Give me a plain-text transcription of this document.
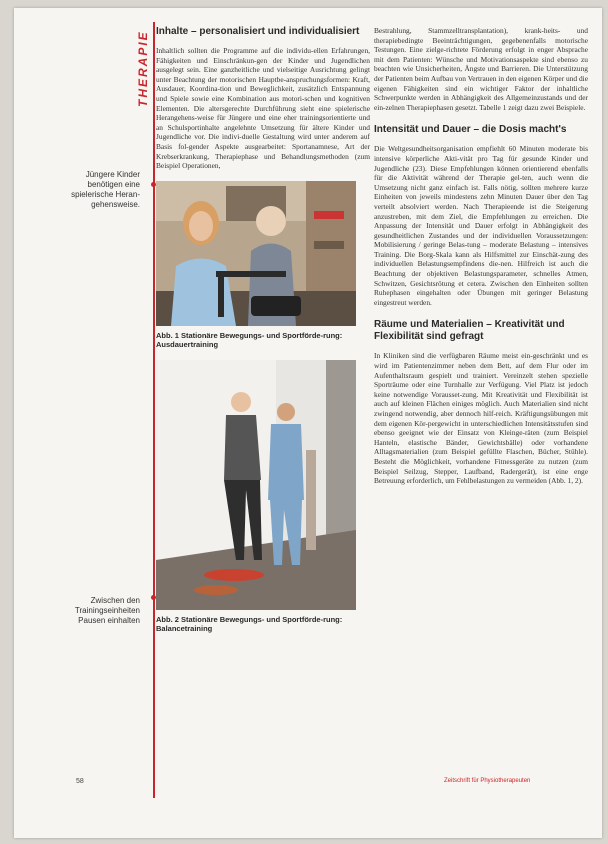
THERAPIE
Jüngere Kinder benötigen eine spielerische Heran-gehensweise.
Zwischen den Trainingseinheiten Pausen einhalten
Inhalte – personalisiert und individualisiert

Inhaltlich sollten die Programme auf die individu-ellen Erfahrungen, Fähigkeiten und Einschränkun-gen der Kinder und Jugendlichen ausgelegt sein. Eine ganzheitliche und vielseitige Ausrichtung gelingt unter Beachtung der motorischen Hauptbe-anspruchungsformen: Kraft, Ausdauer, Koordina-tion und Beweglichkeit, zusätzlich Entspannung und Spiele sowie eine Kombination aus motori-schen und kognitiven Elementen. Die altersgerechte Durchführung sieht eine spielerische Herangehens-weise für Jüngere und eine eher trainingsorientierte und an Schulsportinhalte angelehnte Umsetzung für ältere Kinder und Jugendliche vor. Die indivi-duelle Gestaltung wird unter anderem auf Basis fol-gender Aspekte ausgearbeitet: Sportanamnese, Art der Krebserkrankung, Therapiephase und Behandlungsmethoden (zum Beispiel Operationen,

Abb. 1 Stationäre Bewegungs- und Sportförde-rung: Ausdauertraining
Abb. 2 Stationäre Bewegungs- und Sportförde-rung: Balancetraining

Bestrahlung, Stammzelltransplantation), krank-heits- und therapiebedingte Beeinträchtigungen, gegebenenfalls motorische Testungen. Eine zielge-richtete Förderung erfolgt in enger Absprache mit dem Patienten: Wünsche und Motivationsaspekte sind ebenso zu beachten wie Unsicherheiten, Ängste und Barrieren. Die Unterstützung der Patienten beim Aufbau von Vertrauen in den eigenen Körper und die eigenen Fähigkeiten sind ein wichtiger Faktor der inhaltliche Schwerpunkte werden in Abhängigkeit des Allgemeinzustands und der ein-zelnen Therapiephasen gesetzt. Tabelle 1 zeigt dazu zwei Beispiele.

Intensität und Dauer – die Dosis macht's

Die Weltgesundheitsorganisation empfiehlt 60 Minuten moderate bis intensive körperliche Akti-vität pro Tag für gesunde Kinder und Jugendliche (23). Diese Empfehlungen können orientierend ebenfalls für die Aktivität während der Therapie gel-ten, auch wenn die Umsetzung nicht ganz einfach ist. Falls nötig, sollten mehrere kurze Einheiten von jeweils mindestens zehn Minuten Dauer über den Tag verteilt absolviert werden. Nach Therapieende ist die Steigerung anzustreben, mit dem Ziel, die Empfehlungen zu erreichen. Die Anpassung der Intensität und Dauer erfolgt in Abhängigkeit des gesundheitlichen Zustandes und der individuellen Voraussetzungen: Mobilisierung / geringe Belas-tung – moderate Belastung – intensives Training. Die Borg-Skala kann als Hilfsmittel zur Einschät-zung des individuellen Belastungsempfindens die-nen. Hilfreich ist auch die Beachtung der objektiven Belastungsparameter, schnelles Atmen, Schwitzen, Gesichtsrötung et cetera. Zwischen den Einheiten sollten Ruhephasen eingehalten oder Übungen mit geringer Belastung eingestreut werden.

Räume und Materialien – Kreativität und Flexibilität sind gefragt

In Kliniken sind die verfügbaren Räume meist ein-geschränkt und es wird im Patientenzimmer neben dem Bett, auf dem Flur oder im Aufenthaltsraum gespielt und trainiert. Vereinzelt stehen spezielle Sporträume oder eine Turnhalle zur Verfügung. Viel Platz ist jedoch keine notwendige Vorausset-zung. Mit Kreativität und Flexibilität ist auch auf kleinen Flächen einiges möglich. Auch Materialien sind nicht zwingend notwendig, aber dennoch hilf-reich. Kräftigungsübungen mit dem eigenen Kör-pergewicht in unterschiedlichen Intensitätsstufen sind ebenso geeignet wie der Einsatz von Kleinge-räten (zum Beispiel Hanteln, elastische Bänder, Gewichtsbälle) oder vorhandene Alltagsmaterialien (zum Beispiel gefüllte Flaschen, Bücher, Stühle). Besteht die Möglichkeit, vorhandene Fitnessgeräte zu nutzen (zum Beispiel Seilzug, Stepper, Laufband, Radergerät), ist eine enge Betreuung erforderlich, um Fehlbelastungen zu vermeiden (Abb. 1, 2).

58	Zeitschrift für Physiotherapeuten
